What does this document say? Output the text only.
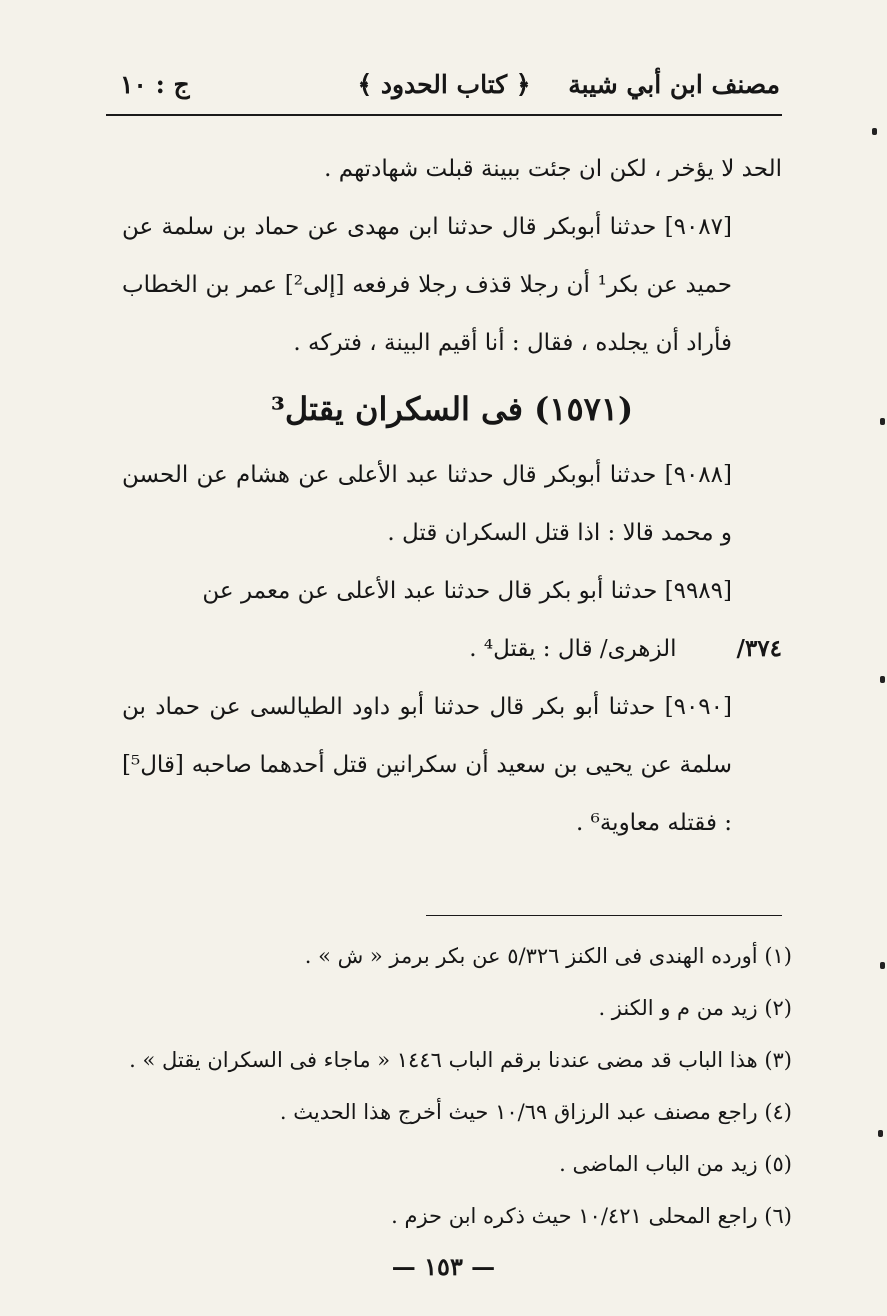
مصنف ابن أبي شيبة
﴿ كتاب الحدود ﴾
ج : ١٠

الحد لا يؤخر ، لكن ان جئت ببينة قبلت شهادتهم .

[٩٠٨٧] حدثنا أبوبكر قال حدثنا ابن مهدى عن حماد بن سلمة عن حميد عن بكر¹ أن رجلا قذف رجلا فرفعه [إلى²] عمر بن الخطاب فأراد أن يجلده ، فقال : أنا أقيم البينة ، فتركه .

(١٥٧١) فى السكران يقتل³

[٩٠٨٨] حدثنا أبوبكر قال حدثنا عبد الأعلى عن هشام عن الحسن و محمد قالا : اذا قتل السكران قتل .

[٩٩٨٩] حدثنا أبو بكر قال حدثنا عبد الأعلى عن معمر عن

٣٧٤/الزهرى/ قال : يقتل⁴ .

[٩٠٩٠] حدثنا أبو بكر قال حدثنا أبو داود الطيالسى عن حماد بن سلمة عن يحيى بن سعيد أن سكرانين قتل أحدهما صاحبه [قال⁵] : فقتله معاوية⁶ .

(١) أورده الهندى فى الكنز ٥/٣٢٦ عن بكر برمز « ش » .
(٢) زيد من م و الكنز .
(٣) هذا الباب قد مضى عندنا برقم الباب ١٤٤٦ « ماجاء فى السكران يقتل » .
(٤) راجع مصنف عبد الرزاق ١٠/٦٩ حيث أخرج هذا الحديث .
(٥) زيد من الباب الماضى .
(٦) راجع المحلى ١٠/٤٢١ حيث ذكره ابن حزم .
— ١٥٣ —
